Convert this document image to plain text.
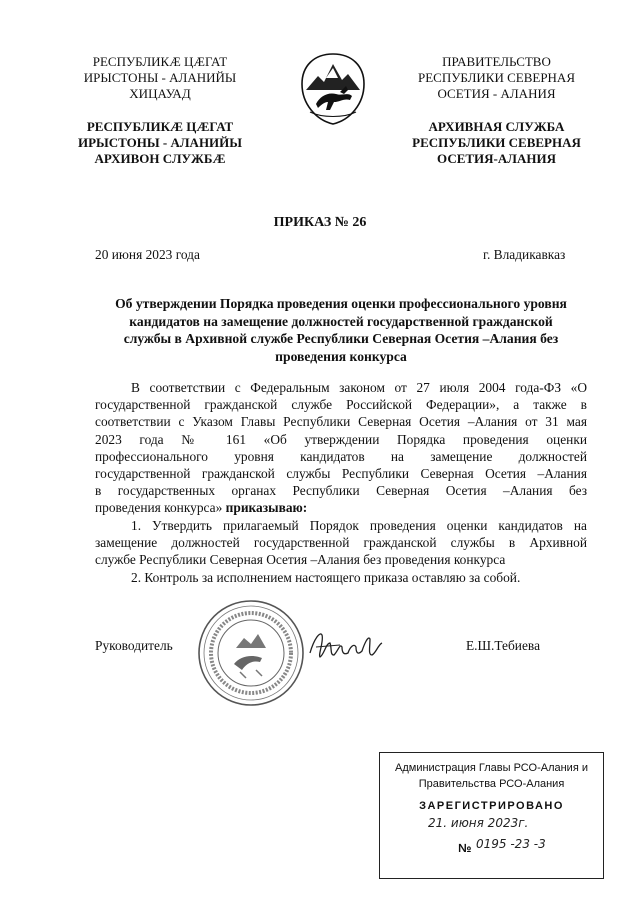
РЕСПУБЛИКӔ ЦӔГАТ
ИРЫСТОНЫ - АЛАНИЙЫ
ХИЦАУАД
РЕСПУБЛИКӔ ЦӔГАТ
ИРЫСТОНЫ - АЛАНИЙЫ
АРХИВОН СЛУЖБӔ
ПРАВИТЕЛЬСТВО
РЕСПУБЛИКИ СЕВЕРНАЯ
ОСЕТИЯ - АЛАНИЯ
АРХИВНАЯ СЛУЖБА
РЕСПУБЛИКИ СЕВЕРНАЯ
ОСЕТИЯ-АЛАНИЯ
ПРИКАЗ № 26
20 июня 2023 года	г. Владикавказ
Об утверждении Порядка проведения оценки профессионального уровня
кандидатов на замещение должностей государственной гражданской
службы в Архивной службе Республики Северная Осетия –Алания без
проведения конкурса
В соответствии с Федеральным законом от 27 июля 2004 года-ФЗ «О
государственной гражданской службе Российской Федерации», а также в
соответствии с Указом Главы Республики Северная Осетия –Алания от 31 мая
2023 года № 161 «Об утверждении Порядка проведения оценки
профессионального уровня кандидатов на замещение должностей
государственной гражданской службы Республики Северная Осетия –Алания
в государственных органах Республики Северная Осетия –Алания без
проведения конкурса» приказываю:
1. Утвердить прилагаемый Порядок проведения оценки кандидатов на
замещение должностей государственной гражданской службы в Архивной
службе Республики Северная Осетия –Алания без проведения конкурса
2. Контроль за исполнением настоящего приказа оставляю за собой.
Руководитель	Е.Ш.Тебиева
Администрация Главы РСО-Алания и
Правительства РСО-Алания
ЗАРЕГИСТРИРОВАНО
21. июня 2023г.
№ 0195 -23 -3
